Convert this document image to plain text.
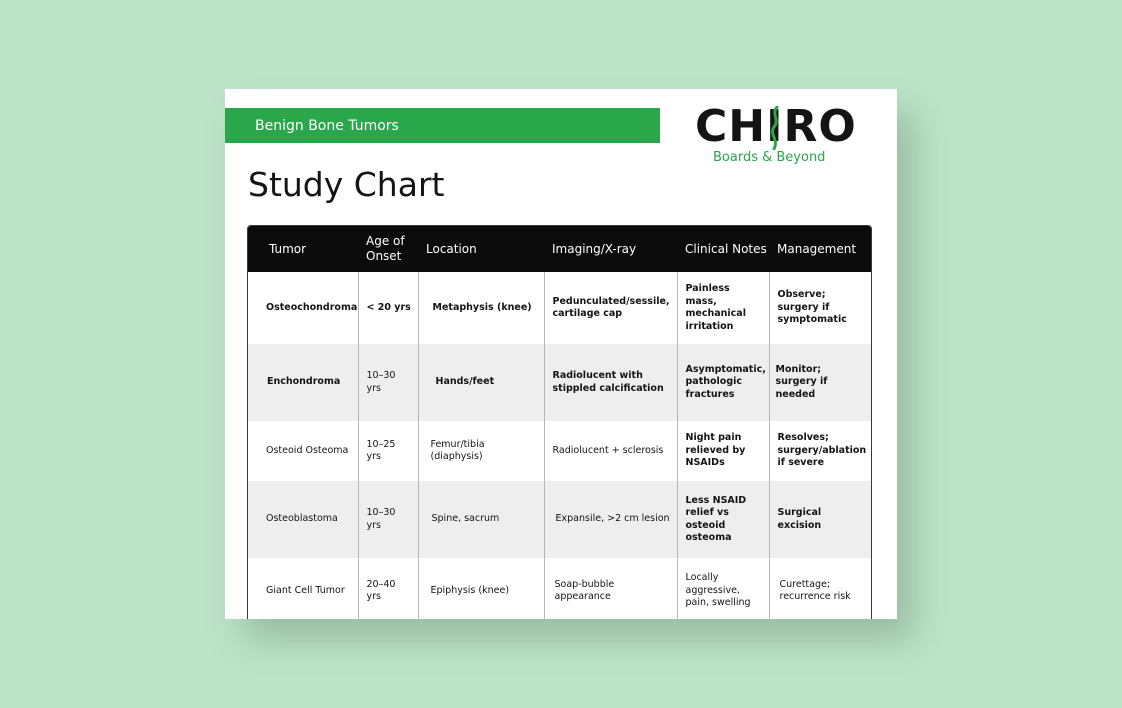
Benign Bone Tumors	CHIRO
Boards & Beyond
Study Chart
Tumor	Age of Onset	Location	Imaging/X-ray	Clinical Notes	Management
Osteochondroma	< 20 yrs	Metaphysis (knee)	Pedunculated/sessile, cartilage cap	Painless mass, mechanical irritation	Observe; surgery if symptomatic
Enchondroma	10–30 yrs	Hands/feet	Radiolucent with stippled calcification	Asymptomatic, pathologic fractures	Monitor; surgery if needed
Osteoid Osteoma	10–25 yrs	Femur/tibia (diaphysis)	Radiolucent + sclerosis	Night pain relieved by NSAIDs	Resolves; surgery/ablation if severe
Osteoblastoma	10–30 yrs	Spine, sacrum	Expansile, >2 cm lesion	Less NSAID relief vs osteoid osteoma	Surgical excision
Giant Cell Tumor	20–40 yrs	Epiphysis (knee)	Soap-bubble appearance	Locally aggressive, pain, swelling	Curettage; recurrence risk
